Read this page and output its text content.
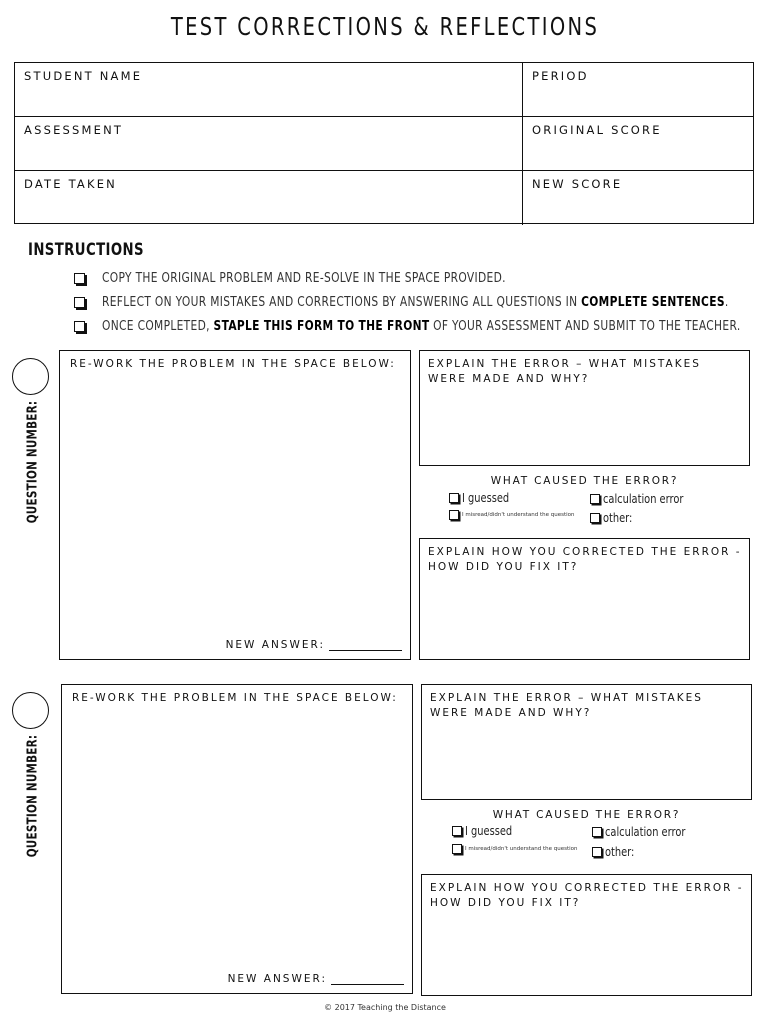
TEST CORRECTIONS & REFLECTIONS
STUDENT NAME	PERIOD
ASSESSMENT	ORIGINAL SCORE
DATE TAKEN	NEW SCORE
INSTRUCTIONS
COPY THE ORIGINAL PROBLEM AND RE-SOLVE IN THE SPACE PROVIDED.
REFLECT ON YOUR MISTAKES AND CORRECTIONS BY ANSWERING ALL QUESTIONS IN COMPLETE SENTENCES.
ONCE COMPLETED, STAPLE THIS FORM TO THE FRONT OF YOUR ASSESSMENT AND SUBMIT TO THE TEACHER.
QUESTION NUMBER:
RE-WORK THE PROBLEM IN THE SPACE BELOW:
NEW ANSWER:
EXPLAIN THE ERROR – WHAT MISTAKES WERE MADE AND WHY?
WHAT CAUSED THE ERROR?
I guessed	calculation error
I misread/didn't understand the question other:
EXPLAIN HOW YOU CORRECTED THE ERROR - HOW DID YOU FIX IT?
QUESTION NUMBER:
RE-WORK THE PROBLEM IN THE SPACE BELOW:
NEW ANSWER:
EXPLAIN THE ERROR – WHAT MISTAKES WERE MADE AND WHY?
WHAT CAUSED THE ERROR?
I guessed	calculation error
I misread/didn't understand the question other:
EXPLAIN HOW YOU CORRECTED THE ERROR - HOW DID YOU FIX IT?
© 2017 Teaching the Distance
